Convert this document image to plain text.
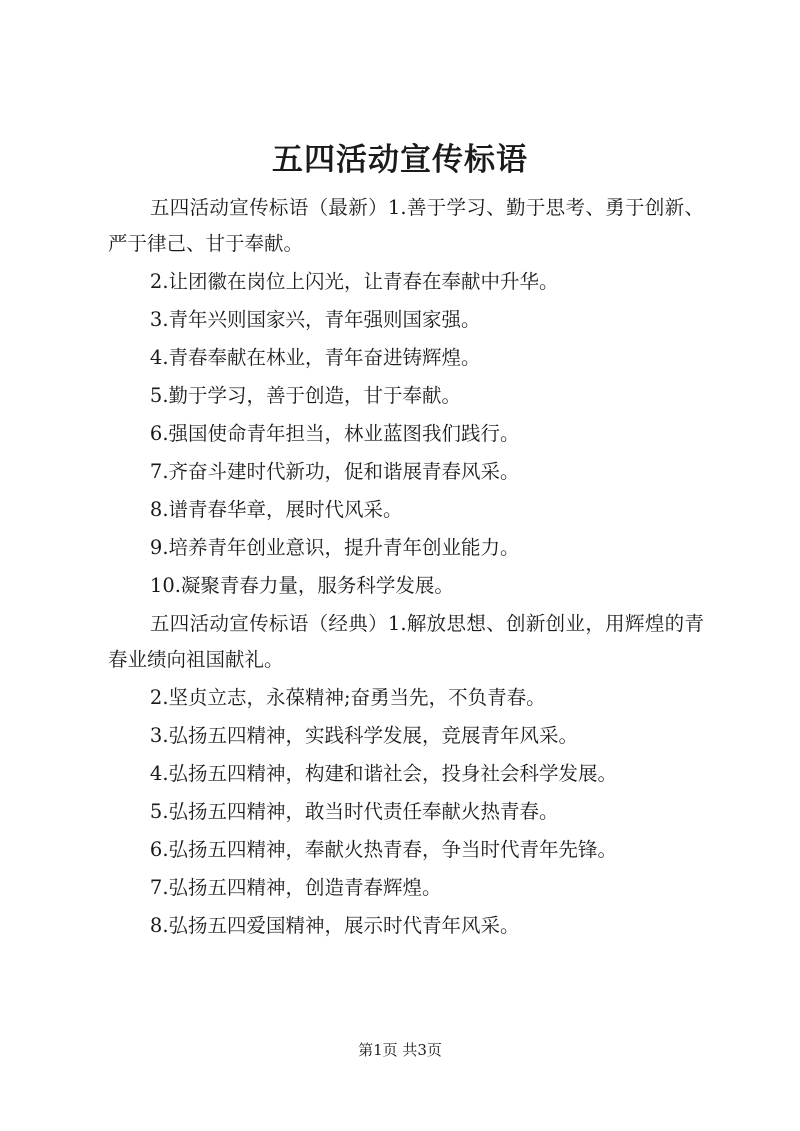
五四活动宣传标语

五四活动宣传标语（最新）1.善于学习、勤于思考、勇于创新、严于律己、甘于奉献。

2.让团徽在岗位上闪光，让青春在奉献中升华。

3.青年兴则国家兴，青年强则国家强。

4.青春奉献在林业，青年奋进铸辉煌。

5.勤于学习，善于创造，甘于奉献。

6.强国使命青年担当，林业蓝图我们践行。

7.齐奋斗建时代新功，促和谐展青春风采。

8.谱青春华章，展时代风采。

9.培养青年创业意识，提升青年创业能力。

10.凝聚青春力量，服务科学发展。

五四活动宣传标语（经典）1.解放思想、创新创业，用辉煌的青春业绩向祖国献礼。

2.坚贞立志，永葆精神;奋勇当先，不负青春。

3.弘扬五四精神，实践科学发展，竞展青年风采。

4.弘扬五四精神，构建和谐社会，投身社会科学发展。

5.弘扬五四精神，敢当时代责任奉献火热青春。

6.弘扬五四精神，奉献火热青春，争当时代青年先锋。

7.弘扬五四精神，创造青春辉煌。

8.弘扬五四爱国精神，展示时代青年风采。

第1页 共3页
